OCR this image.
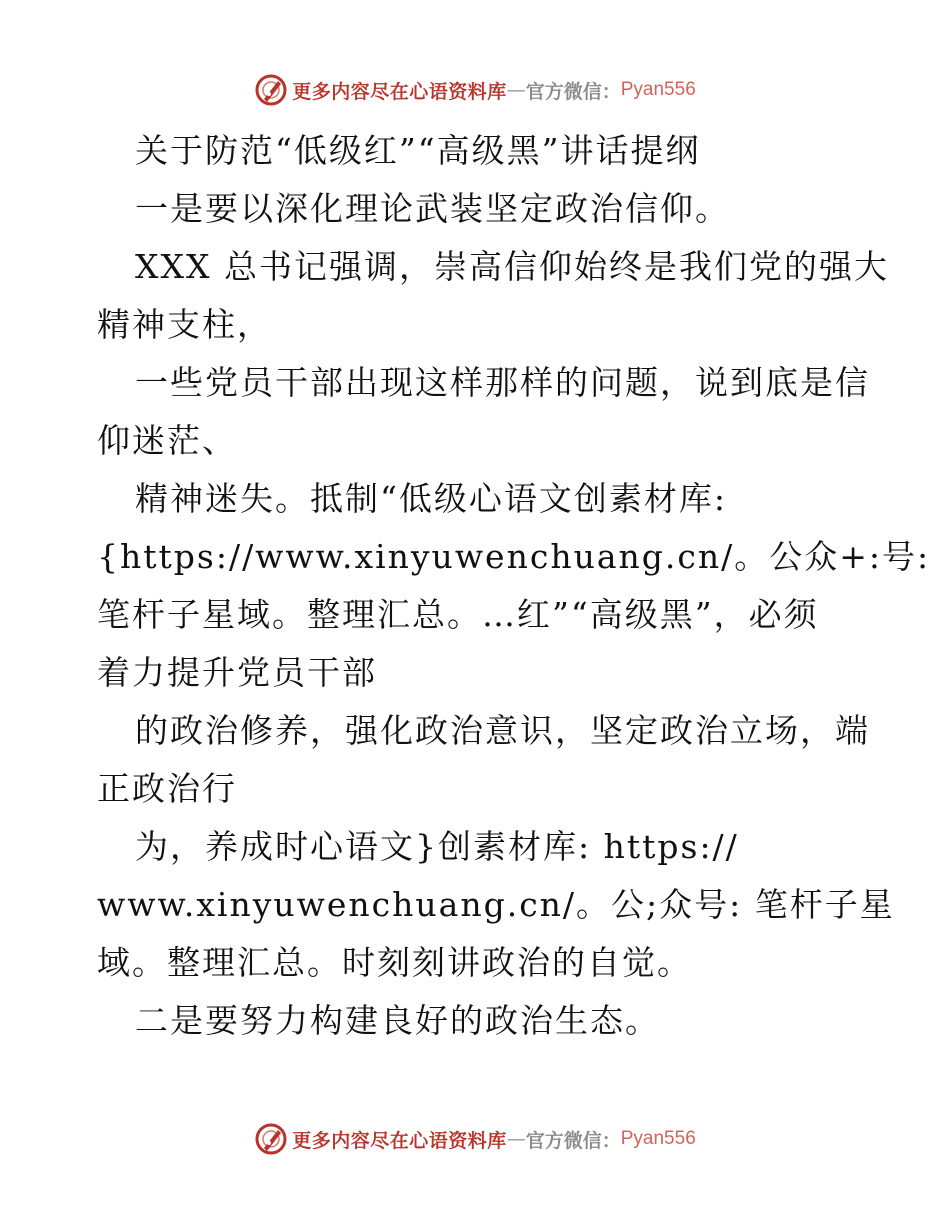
更多内容尽在心语资料库 — 官方微信： Pyan556
关于防范“低级红”“高级黑”讲话提纲
一是要以深化理论武装坚定政治信仰。
XXX 总书记强调，崇高信仰始终是我们党的强大
精神支柱，
一些党员干部出现这样那样的问题，说到底是信
仰迷茫、
精神迷失。抵制“低级心语文创素材库:
{https://www.xinyuwenchuang.cn/。公众+:号:
笔杆子星域。整理汇总。…红”“高级黑”，必须
着力提升党员干部
的政治修养，强化政治意识，坚定政治立场，端
正政治行
为，养成时心语文}创素材库: https://
www.xinyuwenchuang.cn/。公;众号: 笔杆子星
域。整理汇总。时刻刻讲政治的自觉。
二是要努力构建良好的政治生态。
更多内容尽在心语资料库 — 官方微信： Pyan556
